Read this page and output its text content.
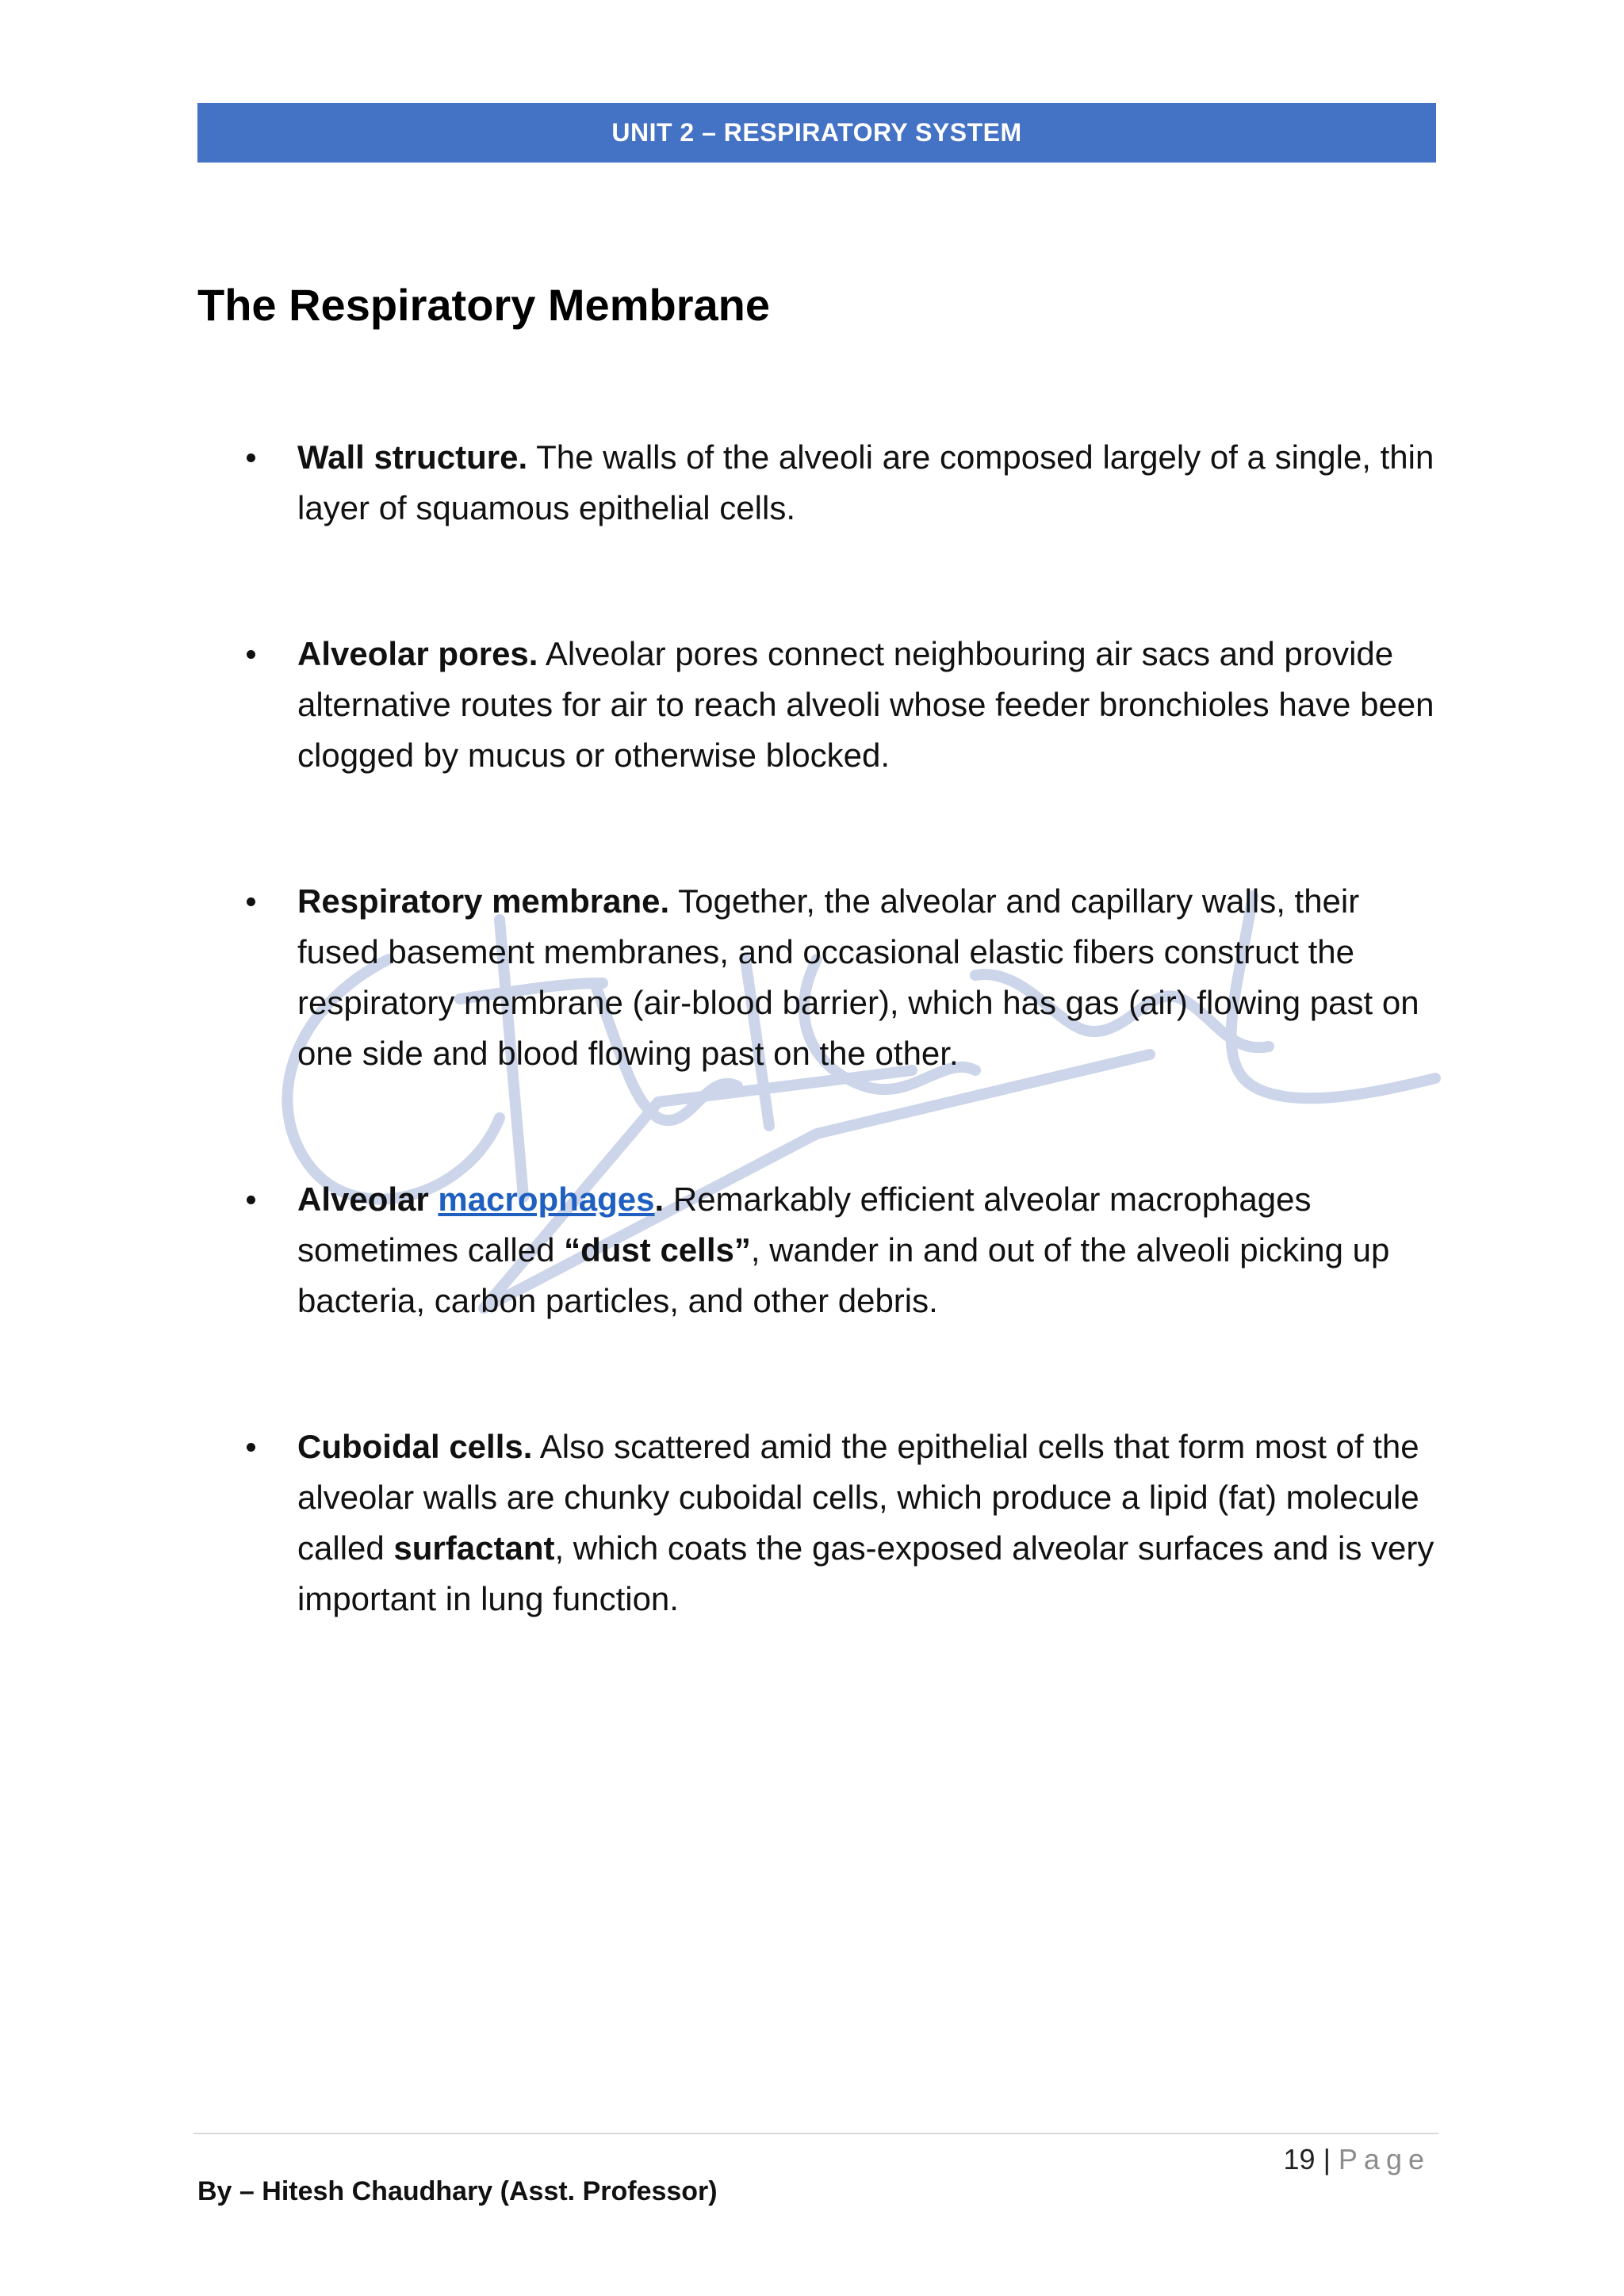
UNIT 2 – RESPIRATORY SYSTEM
The Respiratory Membrane
Wall structure. The walls of the alveoli are composed largely of a single, thin layer of squamous epithelial cells.
Alveolar pores. Alveolar pores connect neighbouring air sacs and provide alternative routes for air to reach alveoli whose feeder bronchioles have been clogged by mucus or otherwise blocked.
Respiratory membrane. Together, the alveolar and capillary walls, their fused basement membranes, and occasional elastic fibers construct the respiratory membrane (air-blood barrier), which has gas (air) flowing past on one side and blood flowing past on the other.
Alveolar macrophages. Remarkably efficient alveolar macrophages sometimes called “dust cells”, wander in and out of the alveoli picking up bacteria, carbon particles, and other debris.
Cuboidal cells. Also scattered amid the epithelial cells that form most of the alveolar walls are chunky cuboidal cells, which produce a lipid (fat) molecule called surfactant, which coats the gas-exposed alveolar surfaces and is very important in lung function.
19 | Page
By – Hitesh Chaudhary (Asst. Professor)
